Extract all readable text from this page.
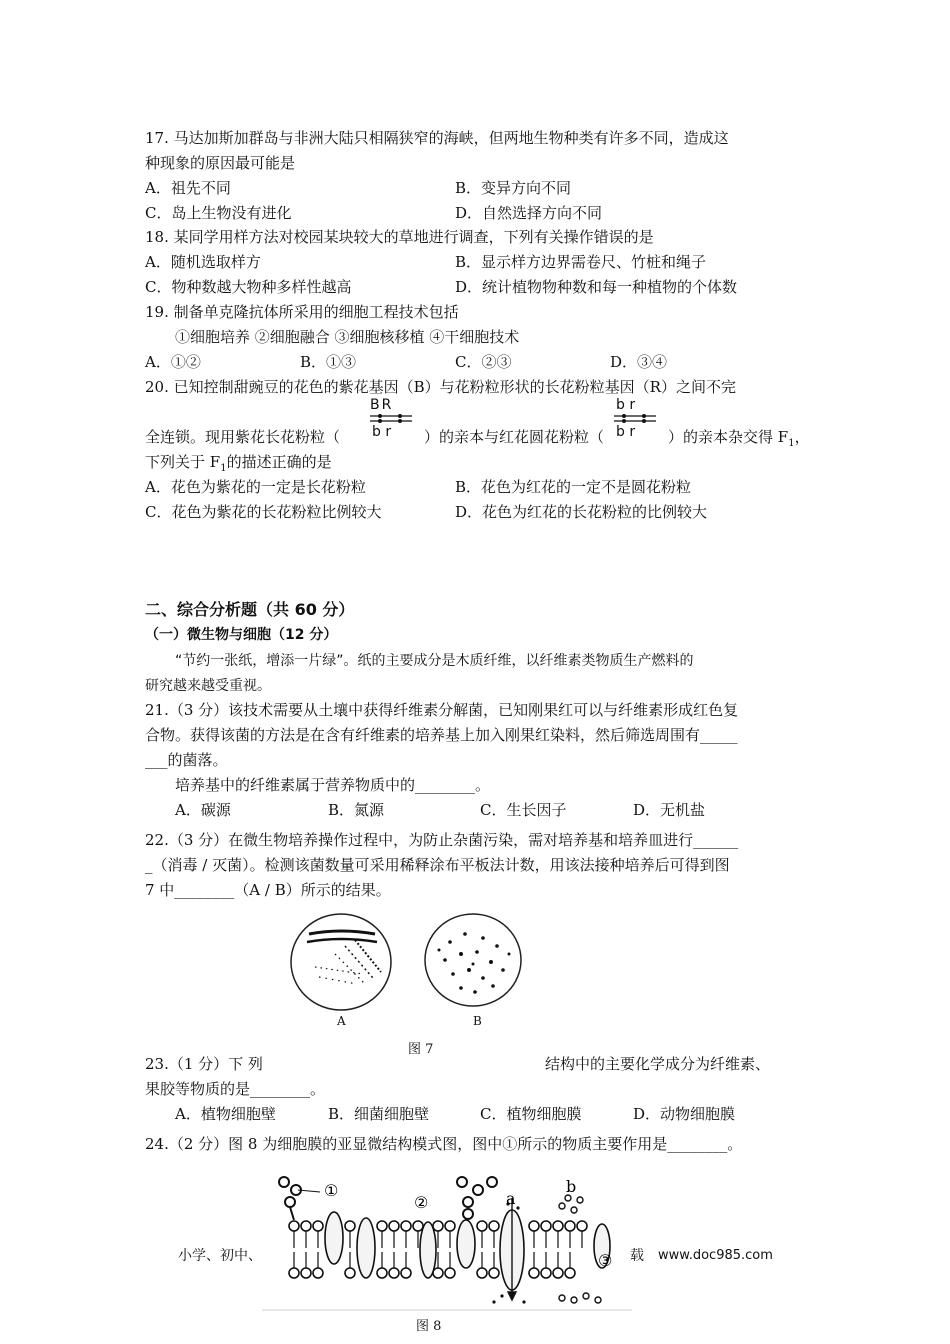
17. 马达加斯加群岛与非洲大陆只相隔狭窄的海峡，但两地生物种类有许多不同，造成这
种现象的原因最可能是
A．祖先不同	B．变异方向不同
C．岛上生物没有进化	D．自然选择方向不同
18. 某同学用样方法对校园某块较大的草地进行调查，下列有关操作错误的是
A．随机选取样方	B．显示样方边界需卷尺、竹桩和绳子
C．物种数越大物种多样性越高	D．统计植物物种数和每一种植物的个体数
19. 制备单克隆抗体所采用的细胞工程技术包括
①细胞培养 ②细胞融合 ③细胞核移植 ④干细胞技术
A．①②	B．①③	C．②③	D．③④
20. 已知控制甜豌豆的花色的紫花基因（B）与花粉粒形状的长花粉粒基因（R）之间不完
BR
b r
b r
b r
全连锁。现用紫花长花粉粒（	）的亲本与红花圆花粉粒（	）的亲本杂交得 $F_1$，
下列关于 $F_1$的描述正确的是
A．花色为紫花的一定是长花粉粒	B．花色为红花的一定不是圆花粉粒
C．花色为紫花的长花粉粒比例较大	D．花色为红花的长花粉粒的比例较大
二、综合分析题（共 60 分）
（一）微生物与细胞（12 分）
“节约一张纸，增添一片绿”。纸的主要成分是木质纤维，以纤维素类物质生产燃料的
研究越来越受重视。
21.（3 分）该技术需要从土壤中获得纤维素分解菌，已知刚果红可以与纤维素形成红色复
合物。获得该菌的方法是在含有纤维素的培养基上加入刚果红染料，然后筛选周围有_____
___的菌落。
培养基中的纤维素属于营养物质中的________。
A．碳源	B．氮源	C．生长因子	D．无机盐
22.（3 分）在微生物培养操作过程中，为防止杂菌污染，需对培养基和培养皿进行______
_（消毒 / 灭菌）。检测该菌数量可采用稀释涂布平板法计数，用该法接种培养后可得到图
7 中________（A / B）所示的结果。
A	B
图 7
23.（1 分）下 列	结构中的主要化学成分为纤维素、
果胶等物质的是________。
A．植物细胞壁	B．细菌细胞壁	C．植物细胞膜	D．动物细胞膜
24.（2 分）图 8 为细胞膜的亚显微结构模式图，图中①所示的物质主要作用是________。
①
②	a
b
③
小学、初中、	载 www.doc985.com
图 8
